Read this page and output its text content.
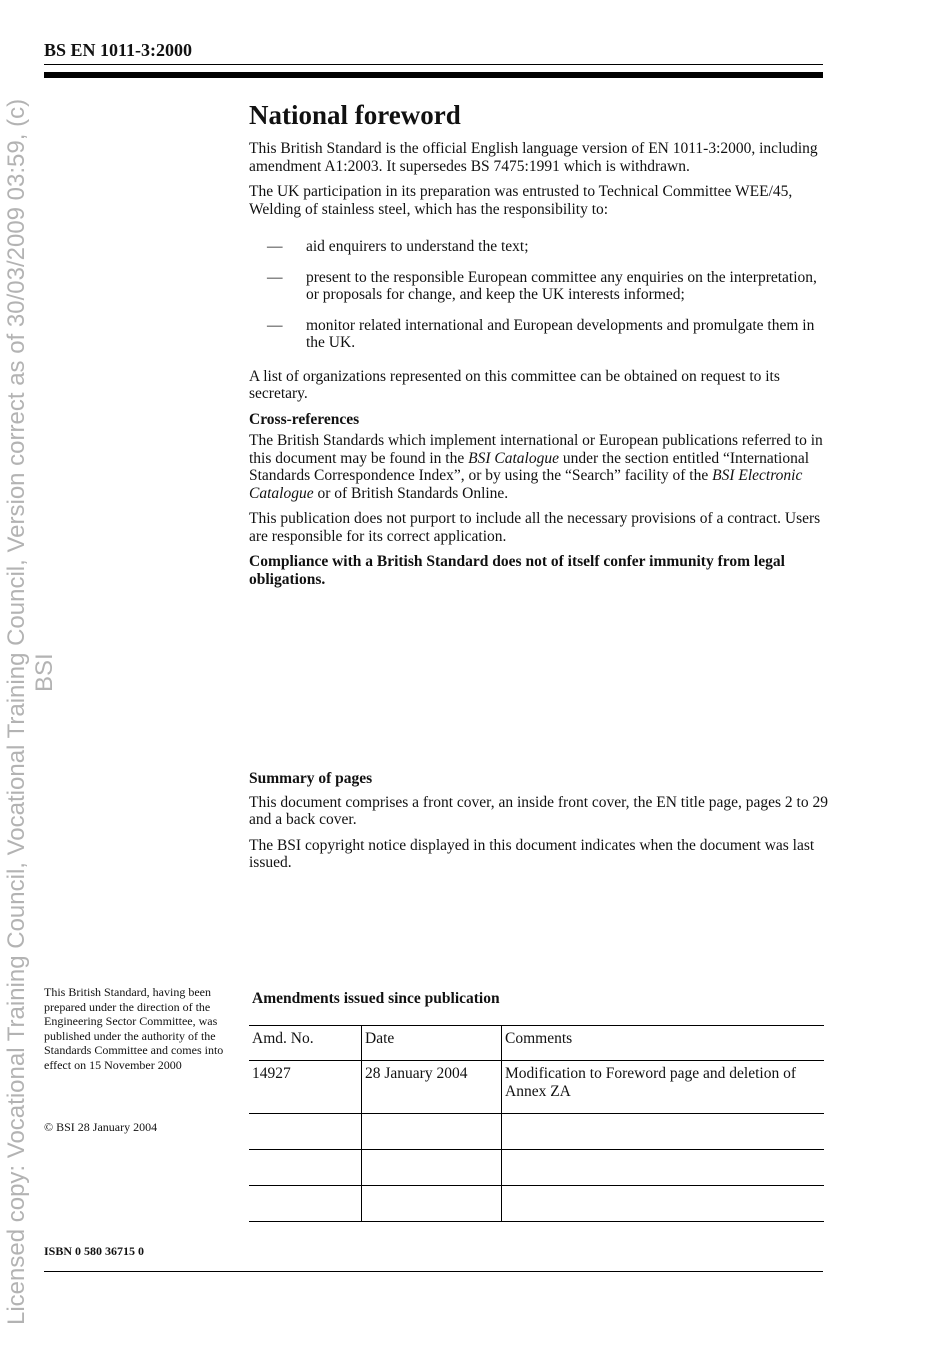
Licensed copy: Vocational Training Council, Vocational Training Council, Version correct as of 30/03/2009 03:59, (c) BSI
BS EN 1011-3:2000
National foreword

This British Standard is the official English language version of EN 1011-3:2000, including amendment A1:2003. It supersedes BS 7475:1991 which is withdrawn.

The UK participation in its preparation was entrusted to Technical Committee WEE/45, Welding of stainless steel, which has the responsibility to:

— aid enquirers to understand the text;
— present to the responsible European committee any enquiries on the interpretation, or proposals for change, and keep the UK interests informed;
— monitor related international and European developments and promulgate them in the UK.

A list of organizations represented on this committee can be obtained on request to its secretary.

Cross-references

The British Standards which implement international or European publications referred to in this document may be found in the BSI Catalogue under the section entitled “International Standards Correspondence Index”, or by using the “Search” facility of the BSI Electronic Catalogue or of British Standards Online.

This publication does not purport to include all the necessary provisions of a contract. Users are responsible for its correct application.

Compliance with a British Standard does not of itself confer immunity from legal obligations.

Summary of pages

This document comprises a front cover, an inside front cover, the EN title page, pages 2 to 29 and a back cover.

The BSI copyright notice displayed in this document indicates when the document was last issued.

This British Standard, having been prepared under the direction of the Engineering Sector Committee, was published under the authority of the Standards Committee and comes into effect on 15 November 2000
© BSI 28 January 2004
ISBN 0 580 36715 0
Amendments issued since publication
Amd. No.	Date	Comments
14927	28 January 2004	Modification to Foreword page and deletion of Annex ZA
